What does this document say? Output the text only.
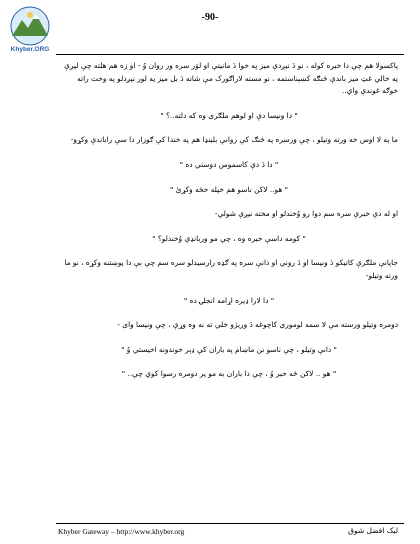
Khyber.ORG
-90-

پاکسولا هم چې دا خبره کوله ، نو دَ نیږدې میز په خوا دَ مانیتې او لوَر سره ور روان وُ - او زه هم هلته چې لیږې په خالي غټ میز باندې څنګه کښېناستمه ، نو مسته لاراګورک مې شانه دَ بل میز په لور نیږدلو په وخت راته خوګه غوندې واي..

" دا ونیسا دې او لوهم ملګری وه که دلته..؟ "

ما په لا اوس خه ورته وتیلو ، چې ورسره په څنګ کې روانې بلینډا هم په خندا کې ګوزار دا سې راباندې وکړو-

" دا دَ دې کاسموس دوستي ده "

" هو.. لاکن ناسو هم خپله خځه وکړئ "

او له دې خبرې سره سم دوا رو وُخندلو او مخته نیږې شولې-

" کومه داسې خبره وه ، چې مو وربانډې وُخندلو؟ "

جاپانې ملګرې کاتیکو دَ ونیسا او دَ روني او دانې سره په ګډه رارسیدلو سره سم چې بې دا پوښتنه وکړه ، نو ما ورته وتیلو-

" دا لارا ډیره اړامه انجلۍ ده "

دومره وتیلو ورسته مې لا سمه لوموری کاچوغه دَ وریژو خلي ته نه وه وړې ، چې ونیسا وای -

" دانې وتیلو ، چې ناسو نن ماښام په باران کې ډېر خوندونه اخیستي وُ "

" هو .. لاکن څه خبر وُ ، چې دا باران به مو پر دومره رسوا کوي چې.. "

Khyber Gateway – http://www.khyber.org	لیک افضل شوق
